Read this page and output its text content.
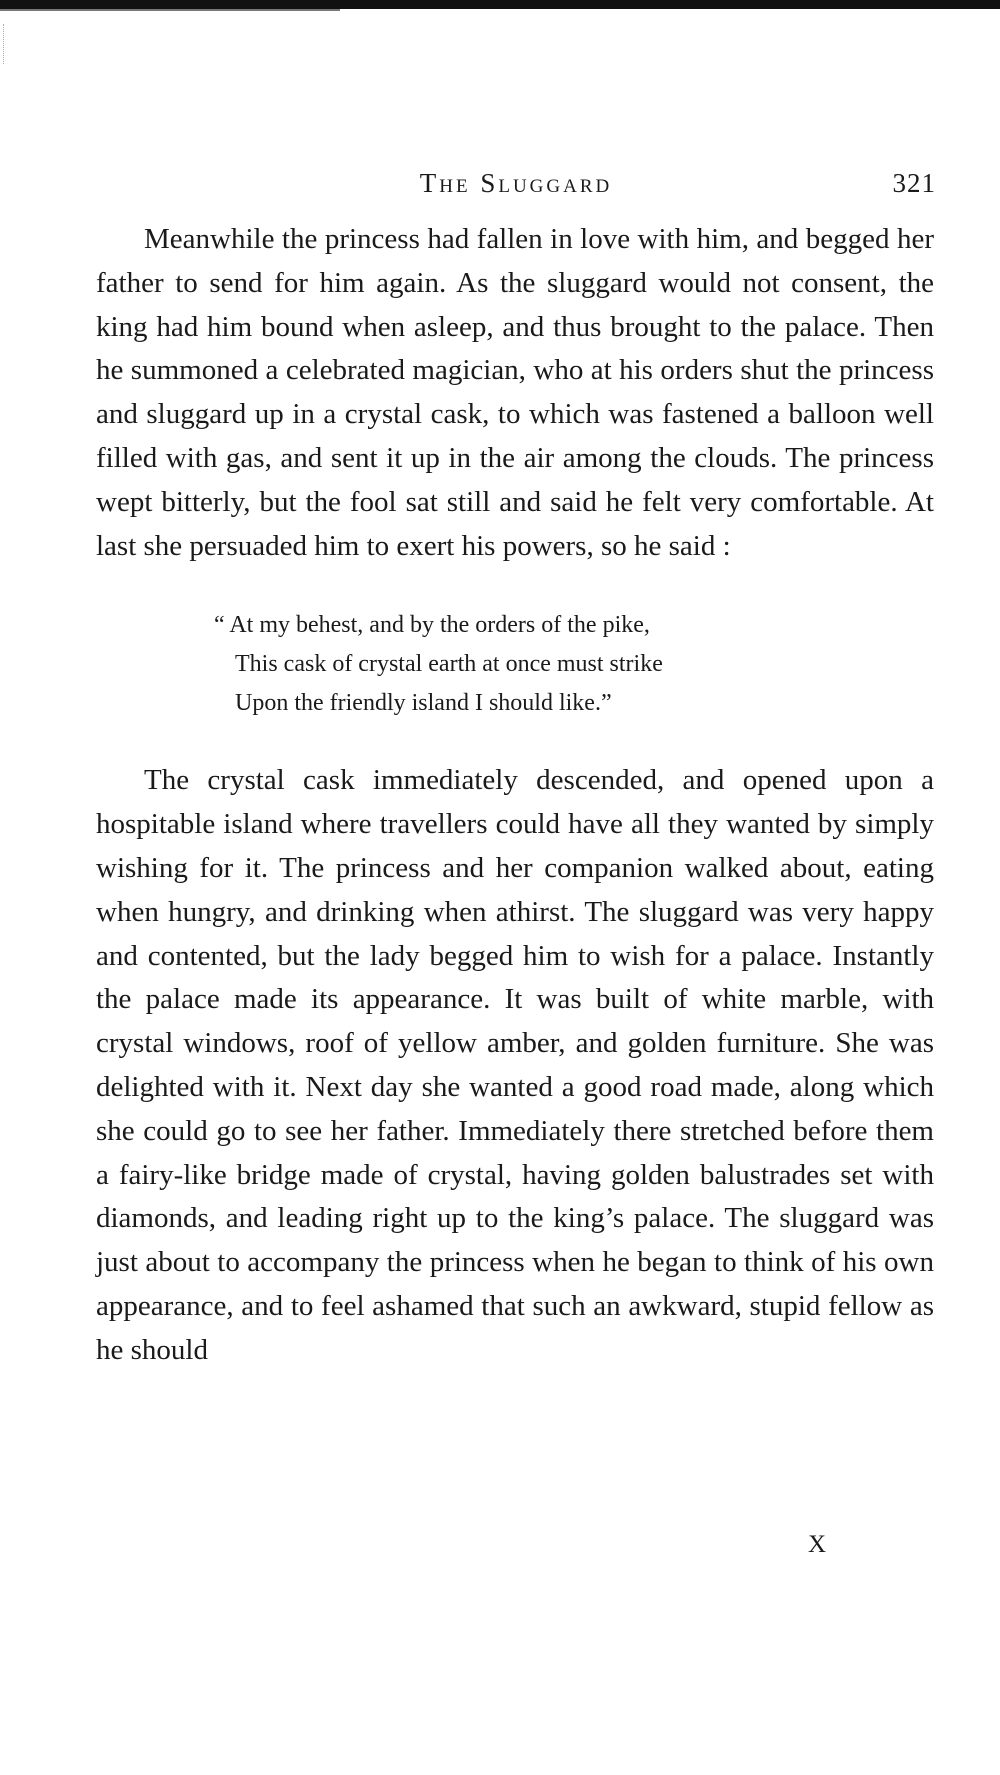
The Sluggard	321

Meanwhile the princess had fallen in love with him, and begged her father to send for him again. As the sluggard would not consent, the king had him bound when asleep, and thus brought to the palace. Then he summoned a celebrated magician, who at his orders shut the princess and sluggard up in a crystal cask, to which was fastened a balloon well filled with gas, and sent it up in the air among the clouds. The princess wept bitterly, but the fool sat still and said he felt very comfortable. At last she persuaded him to exert his powers, so he said :

“ At my behest, and by the orders of the pike,
This cask of crystal earth at once must strike
Upon the friendly island I should like.”

The crystal cask immediately descended, and opened upon a hospitable island where travellers could have all they wanted by simply wishing for it. The princess and her companion walked about, eating when hungry, and drinking when athirst. The sluggard was very happy and contented, but the lady begged him to wish for a palace. Instantly the palace made its appearance. It was built of white marble, with crystal windows, roof of yellow amber, and golden furniture. She was delighted with it. Next day she wanted a good road made, along which she could go to see her father. Immediately there stretched before them a fairy-like bridge made of crystal, having golden balustrades set with diamonds, and leading right up to the king’s palace. The sluggard was just about to accompany the princess when he began to think of his own appearance, and to feel ashamed that such an awkward, stupid fellow as he should

X
